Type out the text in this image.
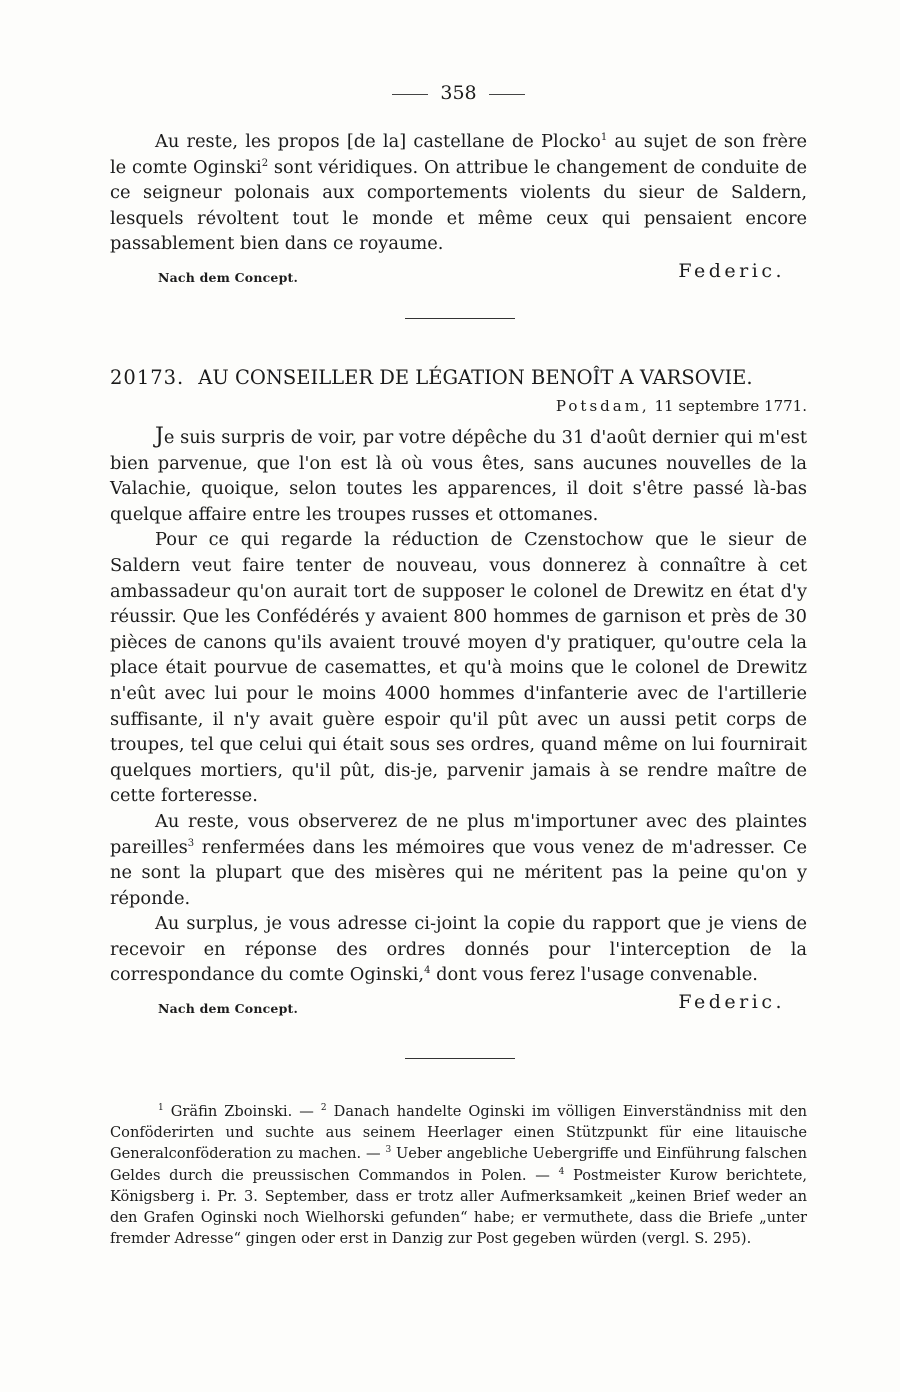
358

Au reste, les propos [de la] castellane de Plocko$^1$ au sujet de son frère le comte Oginski$^2$ sont véridiques. On attribue le changement de conduite de ce seigneur polonais aux comportements violents du sieur de Saldern, lesquels révoltent tout le monde et même ceux qui pensaient encore passablement bien dans ce royaume.

Nach dem Concept.	Federic.
20173. AU CONSEILLER DE LÉGATION BENOÎT A VARSOVIE.
Potsdam, 11 septembre 1771.

Je suis surpris de voir, par votre dépêche du 31 d'août dernier qui m'est bien parvenue, que l'on est là où vous êtes, sans aucunes nouvelles de la Valachie, quoique, selon toutes les apparences, il doit s'être passé là-bas quelque affaire entre les troupes russes et ottomanes.

Pour ce qui regarde la réduction de Czenstochow que le sieur de Saldern veut faire tenter de nouveau, vous donnerez à connaître à cet ambassadeur qu'on aurait tort de supposer le colonel de Drewitz en état d'y réussir. Que les Confédérés y avaient 800 hommes de garnison et près de 30 pièces de canons qu'ils avaient trouvé moyen d'y pratiquer, qu'outre cela la place était pourvue de casemattes, et qu'à moins que le colonel de Drewitz n'eût avec lui pour le moins 4000 hommes d'infanterie avec de l'artillerie suffisante, il n'y avait guère espoir qu'il pût avec un aussi petit corps de troupes, tel que celui qui était sous ses ordres, quand même on lui fournirait quelques mortiers, qu'il pût, dis-je, parvenir jamais à se rendre maître de cette forteresse.

Au reste, vous observerez de ne plus m'importuner avec des plaintes pareilles$^3$ renfermées dans les mémoires que vous venez de m'adresser. Ce ne sont la plupart que des misères qui ne méritent pas la peine qu'on y réponde.

Au surplus, je vous adresse ci-joint la copie du rapport que je viens de recevoir en réponse des ordres donnés pour l'interception de la correspondance du comte Oginski,$^4$ dont vous ferez l'usage convenable.

Nach dem Concept.	Federic.

$^1$ Gräfin Zboinski. — $^2$ Danach handelte Oginski im völligen Einverständniss mit den Conföderirten und suchte aus seinem Heerlager einen Stützpunkt für eine litauische Generalconföderation zu machen. — $^3$ Ueber angebliche Uebergriffe und Einführung falschen Geldes durch die preussischen Commandos in Polen. — $^4$ Postmeister Kurow berichtete, Königsberg i. Pr. 3. September, dass er trotz aller Aufmerksamkeit „keinen Brief weder an den Grafen Oginski noch Wielhorski gefunden“ habe; er vermuthete, dass die Briefe „unter fremder Adresse“ gingen oder erst in Danzig zur Post gegeben würden (vergl. S. 295).
